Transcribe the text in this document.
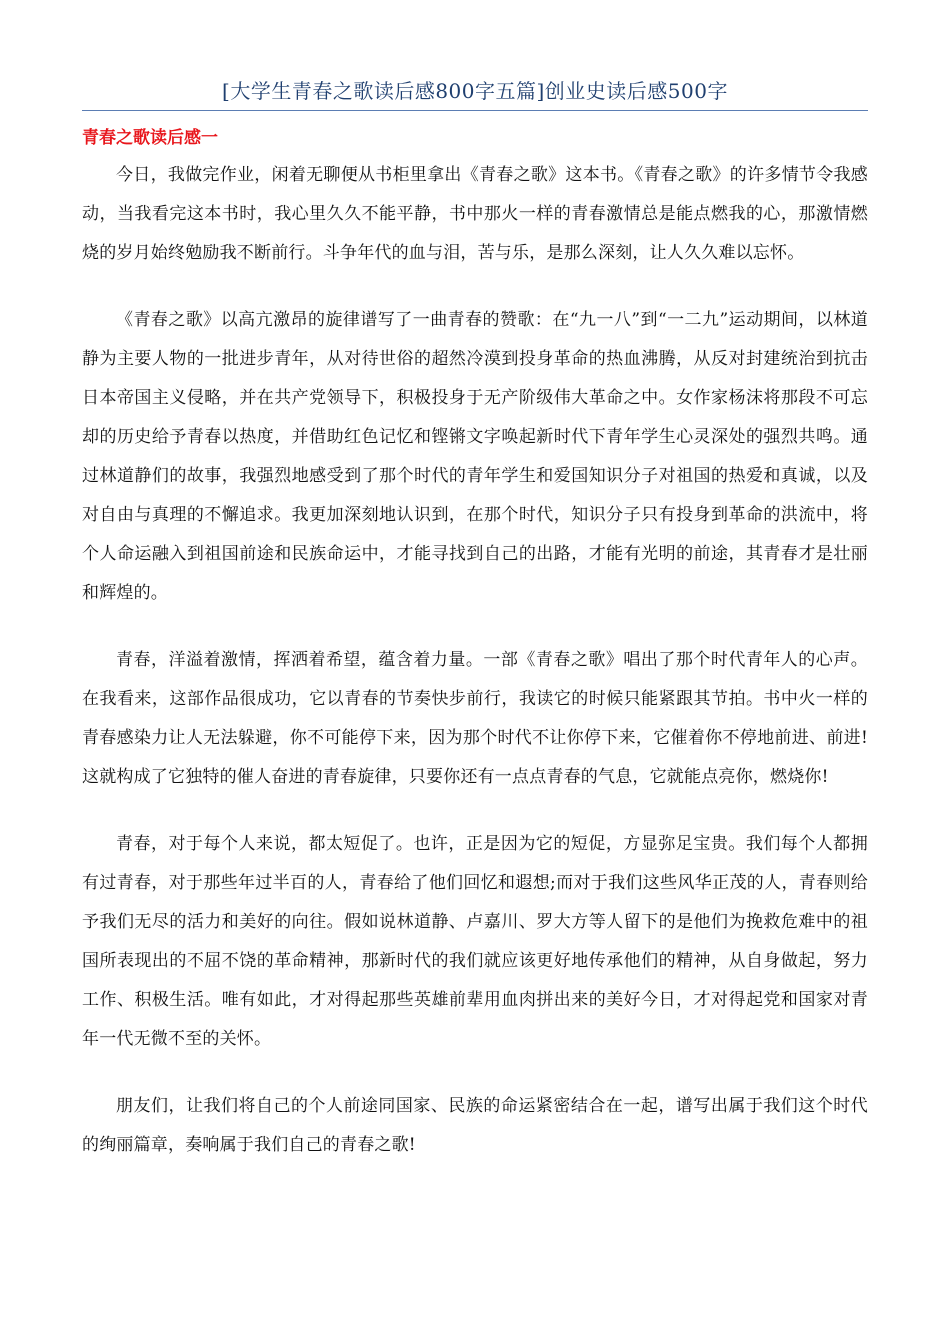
[大学生青春之歌读后感800字五篇]创业史读后感500字
青春之歌读后感一

今日，我做完作业，闲着无聊便从书柜里拿出《青春之歌》这本书。《青春之歌》的许多情节令我感动，当我看完这本书时，我心里久久不能平静，书中那火一样的青春激情总是能点燃我的心，那激情燃烧的岁月始终勉励我不断前行。斗争年代的血与泪，苦与乐，是那么深刻，让人久久难以忘怀。

《青春之歌》以高亢激昂的旋律谱写了一曲青春的赞歌：在“九一八”到“一二九”运动期间，以林道静为主要人物的一批进步青年，从对待世俗的超然冷漠到投身革命的热血沸腾，从反对封建统治到抗击日本帝国主义侵略，并在共产党领导下，积极投身于无产阶级伟大革命之中。女作家杨沫将那段不可忘却的历史给予青春以热度，并借助红色记忆和铿锵文字唤起新时代下青年学生心灵深处的强烈共鸣。通过林道静们的故事，我强烈地感受到了那个时代的青年学生和爱国知识分子对祖国的热爱和真诚，以及对自由与真理的不懈追求。我更加深刻地认识到，在那个时代，知识分子只有投身到革命的洪流中，将个人命运融入到祖国前途和民族命运中，才能寻找到自己的出路，才能有光明的前途，其青春才是壮丽和辉煌的。

青春，洋溢着激情，挥洒着希望，蕴含着力量。一部《青春之歌》唱出了那个时代青年人的心声。在我看来，这部作品很成功，它以青春的节奏快步前行，我读它的时候只能紧跟其节拍。书中火一样的青春感染力让人无法躲避，你不可能停下来，因为那个时代不让你停下来，它催着你不停地前进、前进!这就构成了它独特的催人奋进的青春旋律，只要你还有一点点青春的气息，它就能点亮你，燃烧你!

青春，对于每个人来说，都太短促了。也许，正是因为它的短促，方显弥足宝贵。我们每个人都拥有过青春，对于那些年过半百的人，青春给了他们回忆和遐想;而对于我们这些风华正茂的人，青春则给予我们无尽的活力和美好的向往。假如说林道静、卢嘉川、罗大方等人留下的是他们为挽救危难中的祖国所表现出的不屈不饶的革命精神，那新时代的我们就应该更好地传承他们的精神，从自身做起，努力工作、积极生活。唯有如此，才对得起那些英雄前辈用血肉拼出来的美好今日，才对得起党和国家对青年一代无微不至的关怀。

朋友们，让我们将自己的个人前途同国家、民族的命运紧密结合在一起，谱写出属于我们这个时代的绚丽篇章，奏响属于我们自己的青春之歌!
